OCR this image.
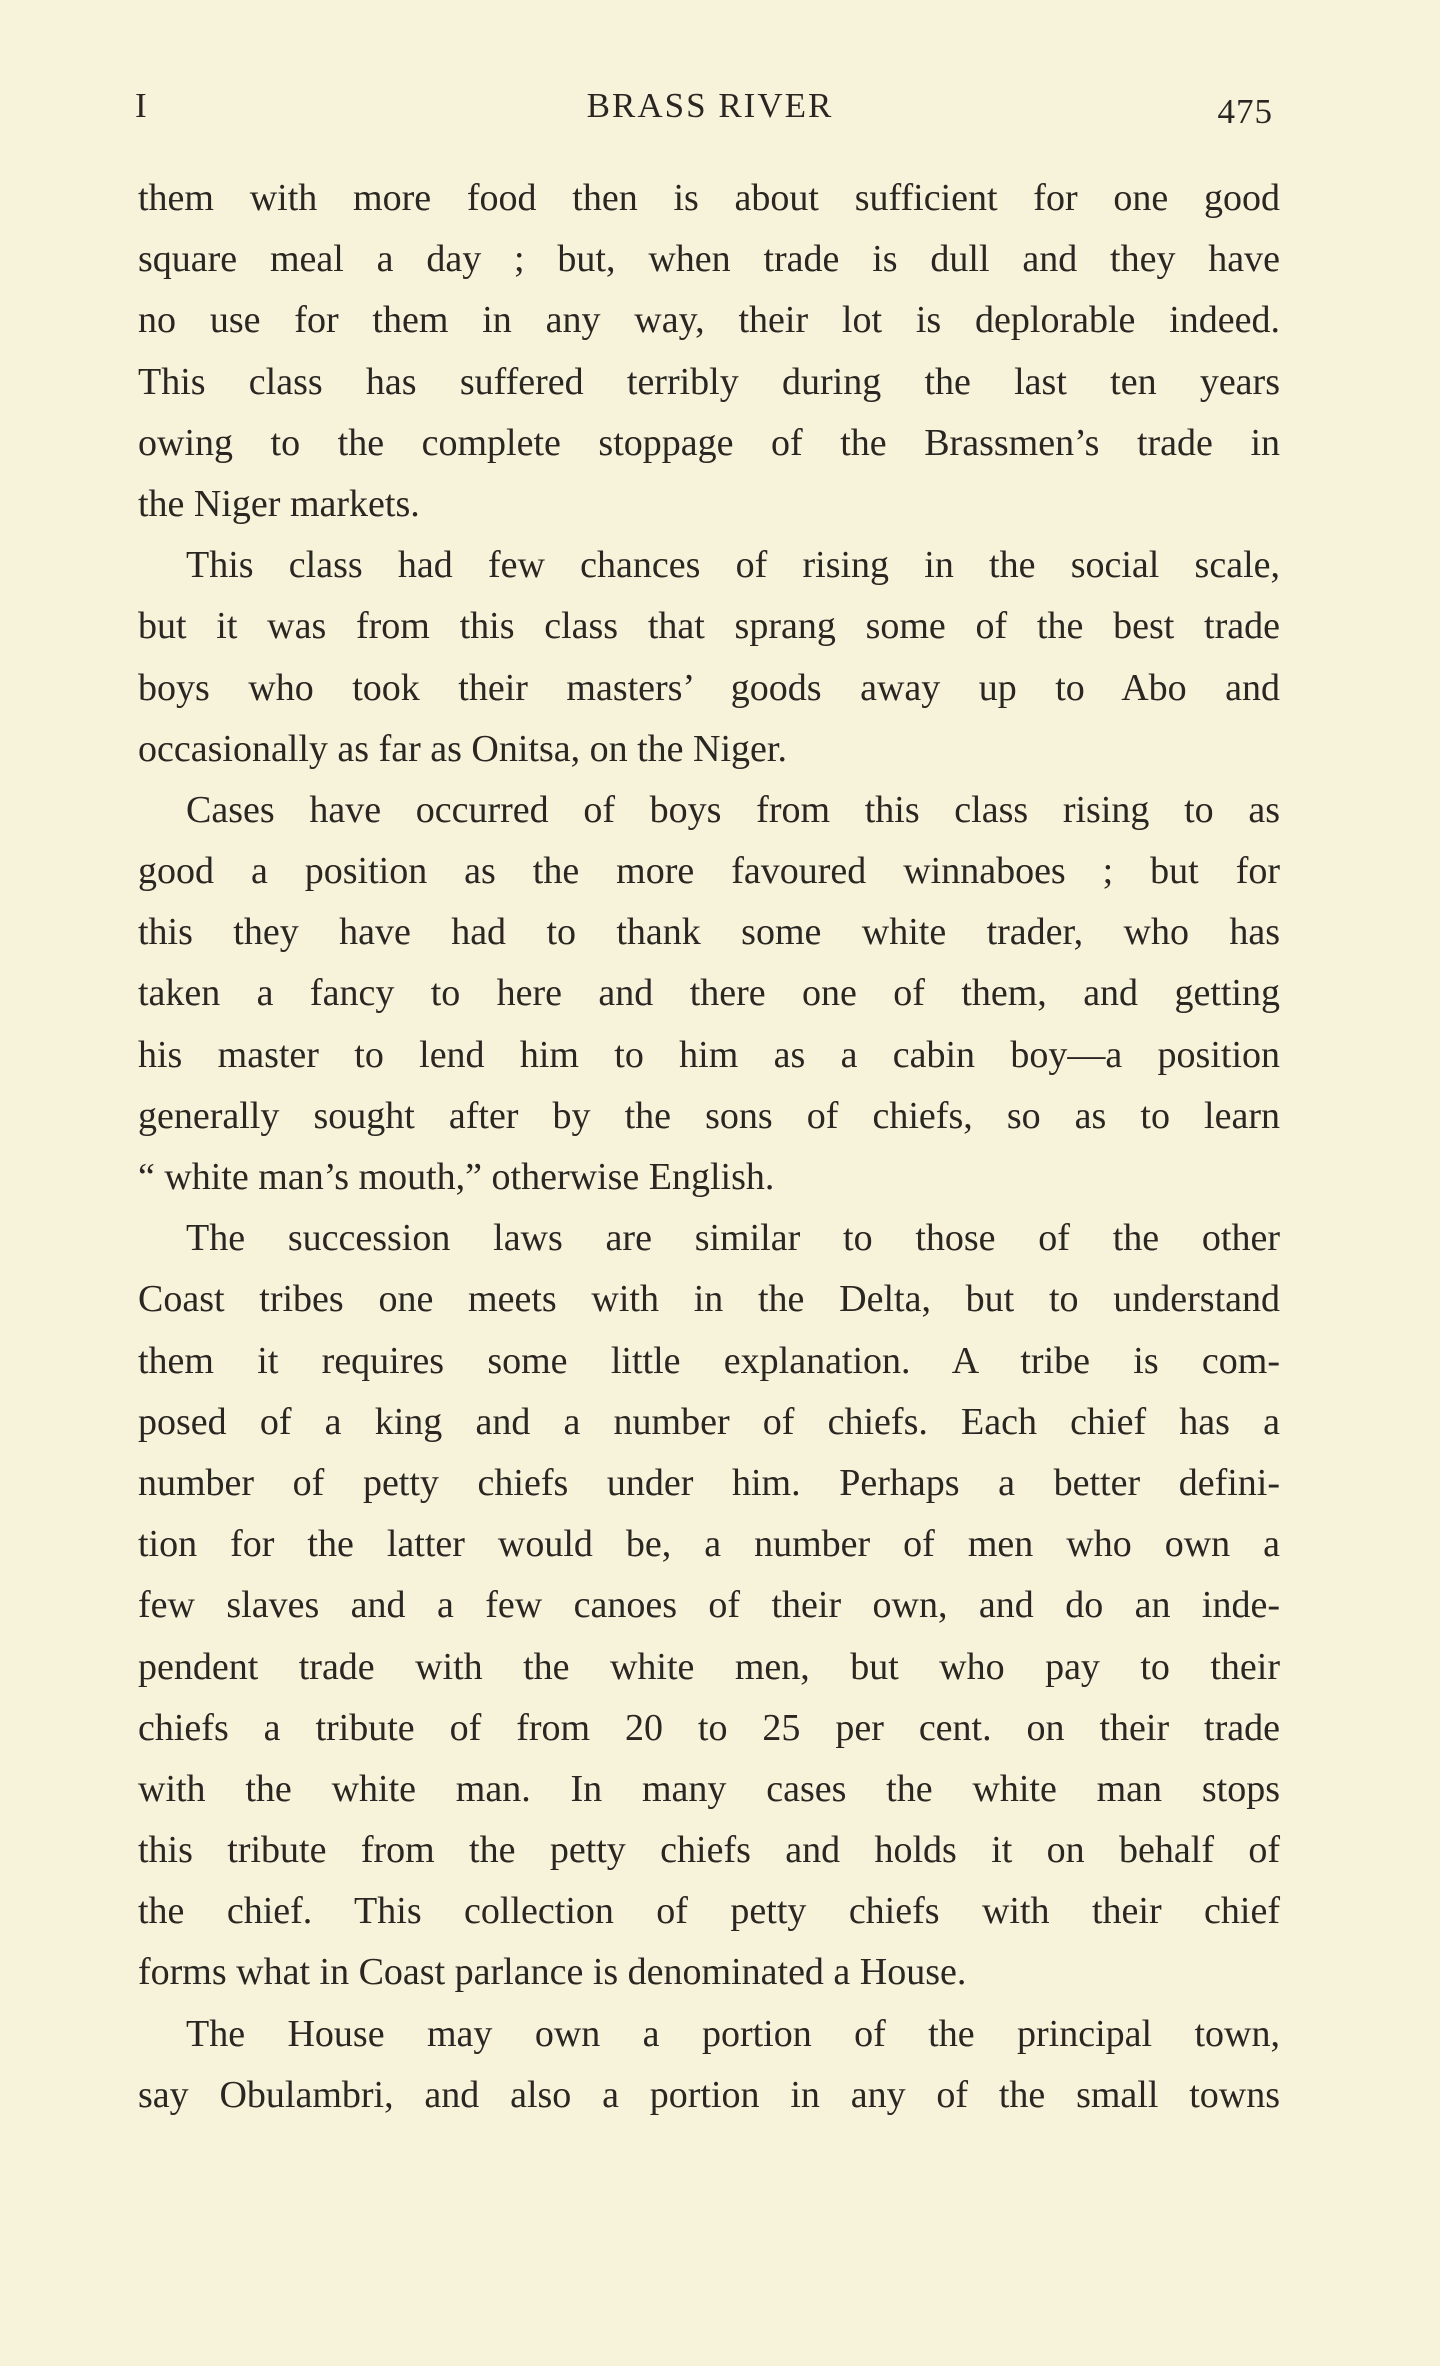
I	BRASS RIVER	475
them with more food then is about sufficient for one good
square meal a day ; but, when trade is dull and they have
no use for them in any way, their lot is deplorable indeed.
This class has suffered terribly during the last ten years
owing to the complete stoppage of the Brassmen’s trade in
the Niger markets.
This class had few chances of rising in the social scale,
but it was from this class that sprang some of the best trade
boys who took their masters’ goods away up to Abo and
occasionally as far as Onitsa, on the Niger.
Cases have occurred of boys from this class rising to as
good a position as the more favoured winnaboes ; but for
this they have had to thank some white trader, who has
taken a fancy to here and there one of them, and getting
his master to lend him to him as a cabin boy—a position
generally sought after by the sons of chiefs, so as to learn
“ white man’s mouth,” otherwise English.
The succession laws are similar to those of the other
Coast tribes one meets with in the Delta, but to understand
them it requires some little explanation. A tribe is com-
posed of a king and a number of chiefs. Each chief has a
number of petty chiefs under him. Perhaps a better defini-
tion for the latter would be, a number of men who own a
few slaves and a few canoes of their own, and do an inde-
pendent trade with the white men, but who pay to their
chiefs a tribute of from 20 to 25 per cent. on their trade
with the white man. In many cases the white man stops
this tribute from the petty chiefs and holds it on behalf of
the chief. This collection of petty chiefs with their chief
forms what in Coast parlance is denominated a House.
The House may own a portion of the principal town,
say Obulambri, and also a portion in any of the small towns
